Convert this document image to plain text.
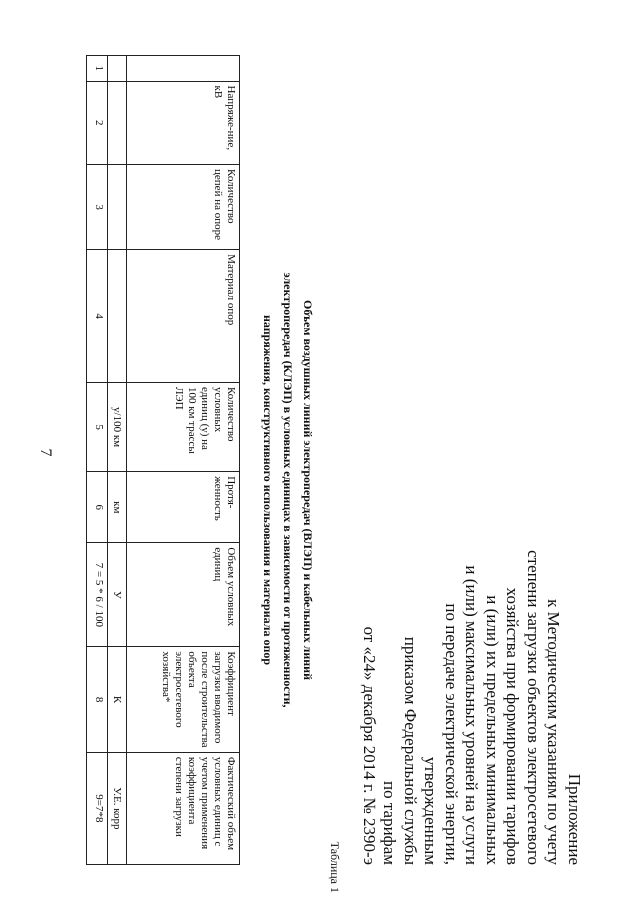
Приложение
к Методическим указаниям по учету
степени загрузки объектов электросетевого
хозяйства при формировании тарифов
и (или) их предельных минимальных
и (или) максимальных уровней на услуги
по передаче электрической энергии,
утвержденным
приказом Федеральной службы
по тарифам
от «24» декабря 2014 г. № 2390-э
Таблица 1
Объем воздушных линий электропередач (ВЛЭП) и кабельных линий
электропередач (КЛЭП) в условных единицах в зависимости от протяженности,
напряжения, конструктивного использования и материала опор
	Напряже-ние, кВ	Количество цепей на опоре	Материал опор	Количество условных единиц (у) на 100 км трассы ЛЭП	Протя-женность	Объем условных единиц	Коэффициент загрузки вводимого после строительства объекта электросетевого хозяйства*	Фактический объем условных единиц с учетом применения коэффициента степени загрузки
				у/100 км	км	У	К	У.Е. корр
1	2	3	4	5	6	7 = 5 * 6 / 100	8	9=7*8
7
